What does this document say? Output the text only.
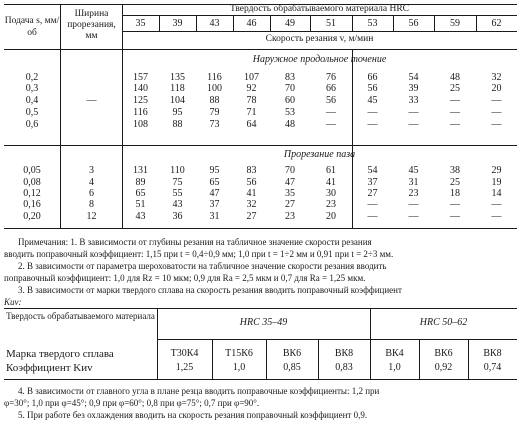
Подача s, мм/об
Ширина прорезания, мм
Твердость обрабатываемого материала HRC
Скорость резания v, м/мин
35	39	43	46	49	51	53	56	59	62
Наружное продольное точение
—
0,2	157	135	116	107	83	76	66	54	48	32
0,3	140	118	100	92	70	66	56	39	25	20
0,4	125	104	88	78	60	56	45	33	—	—
0,5	116	95	79	71	53	—	—	—	—	—
0,6	108	88	73	64	48	—	—	—	—	—
Прорезание паза
0,05	3	131	110	95	83	70	61	54	45	38	29
0,08	4	89	75	65	56	47	41	37	31	25	19
0,12	6	65	55	47	41	35	30	27	23	18	14
0,16	8	51	43	37	32	27	23	—	—	—	—
0,20	12	43	36	31	27	23	20	—	—	—	—
Примечания: 1. В зависимости от глубины резания на табличное значение скорости резания
вводить поправочный коэффициент: 1,15 при t = 0,4÷0,9 мм; 1,0 при t = 1÷2 мм и 0,91 при t = 2÷3 мм.
2. В зависимости от параметра шероховатости на табличное значение скорости резания вводить
поправочный коэффициент: 1,0 для Rz = 10 мкм; 0,9 для Ra = 2,5 мкм и 0,7 для Ra = 1,25 мкм.
3. В зависимости от марки твердого сплава на скорость резания вводить поправочный коэффициент
Kиv:
Твердость обрабатываемого материала
HRC 35–49	HRC 50–62
Марка твердого сплава
Коэффициент Kиv
Т30К4	Т15К6	ВК6	ВК8	ВК4	ВК6	ВК8
1,25	1,0	0,85	0,83	1,0	0,92	0,74
4. В зависимости от главного угла в плане резца вводить поправочные коэффициенты: 1,2 при
φ=30°; 1,0 при φ=45°; 0,9 при φ=60°; 0,8 при φ=75°; 0,7 при φ=90°.
5. При работе без охлаждения вводить на скорость резания поправочный коэффициент 0,9.
